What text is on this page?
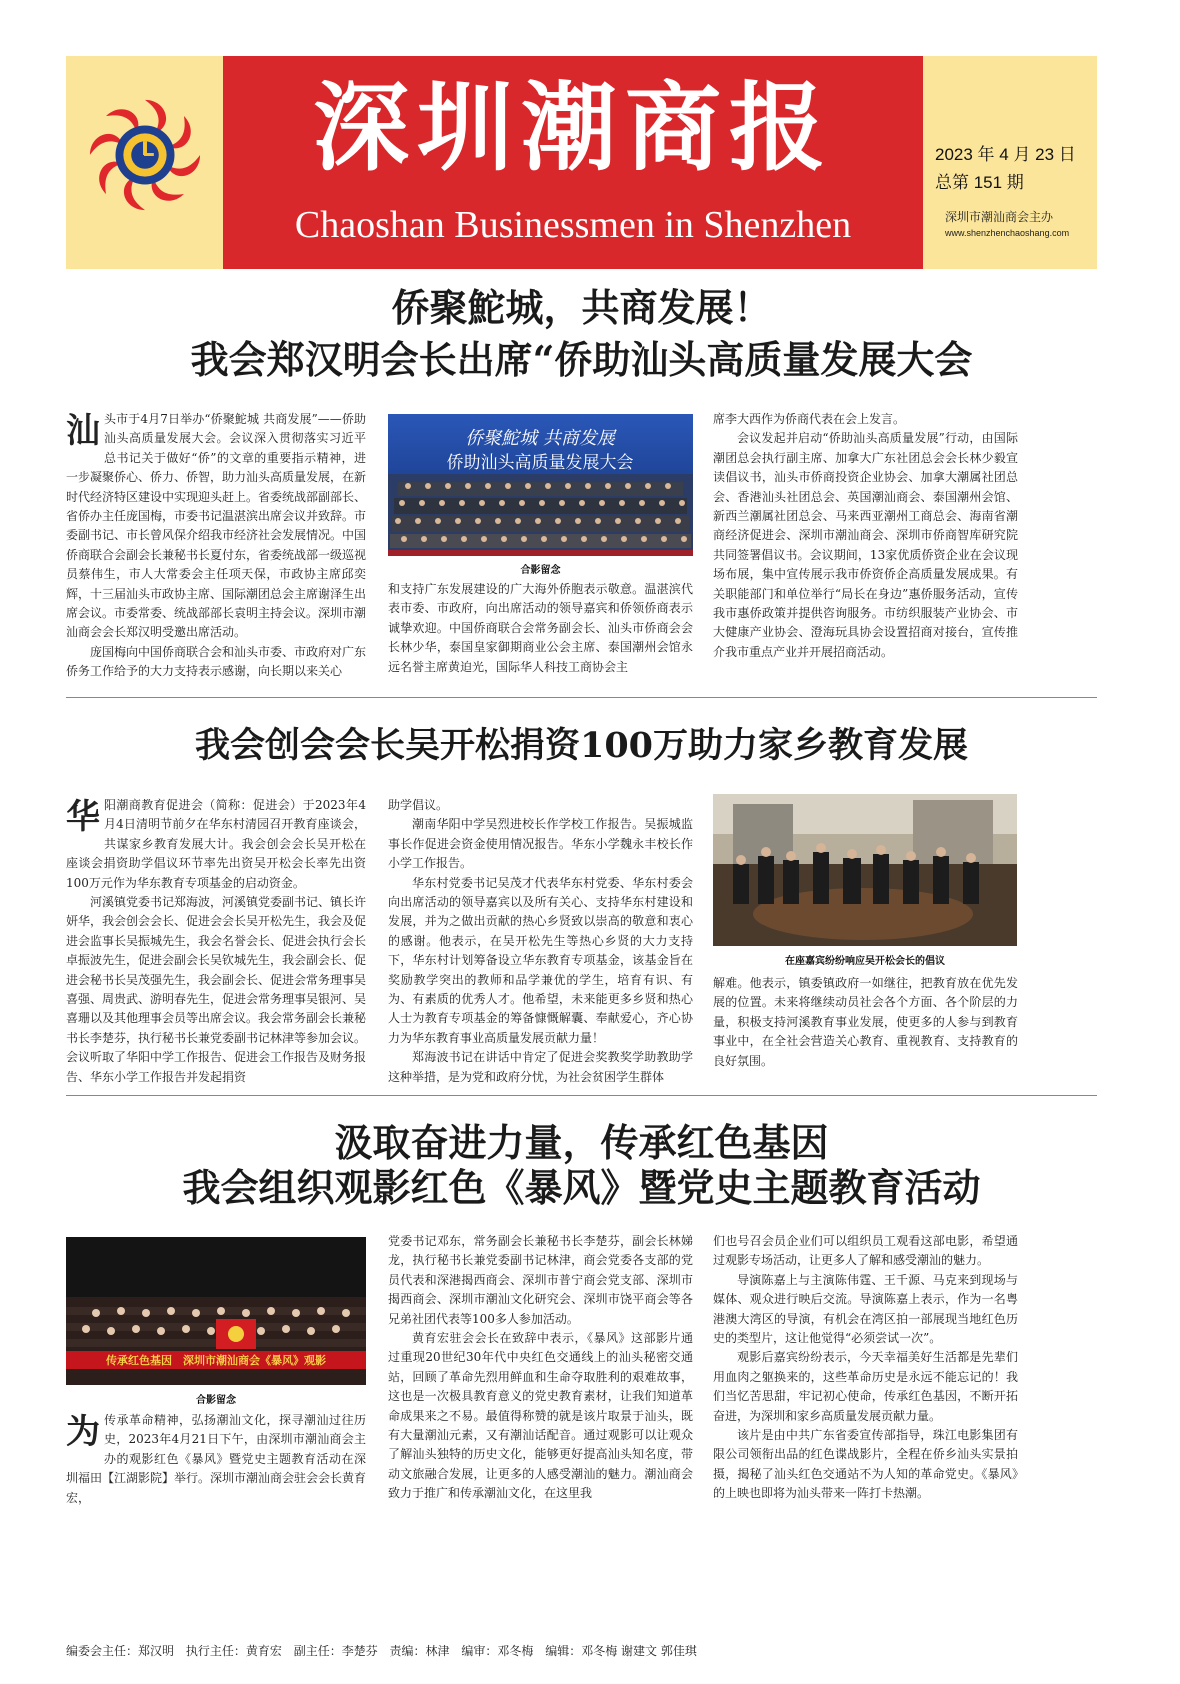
深圳潮商报
Chaoshan Businessmen in Shenzhen
2023 年 4 月 23 日
总第 151 期
深圳市潮汕商会主办
www.shenzhenchaoshang.com
侨聚鮀城，共商发展！
我会郑汉明会长出席“侨助汕头高质量发展大会

汕头市于4月7日举办“侨聚鮀城 共商发展”——侨助汕头高质量发展大会。会议深入贯彻落实习近平总书记关于做好“侨”的文章的重要指示精神，进一步凝聚侨心、侨力、侨智，助力汕头高质量发展，在新时代经济特区建设中实现迎头赶上。省委统战部副部长、省侨办主任庞国梅，市委书记温湛滨出席会议并致辞。市委副书记、市长曾风保介绍我市经济社会发展情况。中国侨商联合会副会长兼秘书长夏付东，省委统战部一级巡视员蔡伟生，市人大常委会主任项天保，市政协主席邱奕辉，十三届汕头市政协主席、国际潮团总会主席谢泽生出席会议。市委常委、统战部部长袁明主持会议。深圳市潮汕商会会长郑汉明受邀出席活动。

庞国梅向中国侨商联合会和汕头市委、市政府对广东侨务工作给予的大力支持表示感谢，向长期以来关心

侨聚鮀城 共商发展
侨助汕头高质量发展大会
合影留念

和支持广东发展建设的广大海外侨胞表示敬意。温湛滨代表市委、市政府，向出席活动的领导嘉宾和侨领侨商表示诚挚欢迎。中国侨商联合会常务副会长、汕头市侨商会会长林少华，泰国皇家御期商业公会主席、泰国潮州会馆永远名誉主席黄迫光，国际华人科技工商协会主

席李大西作为侨商代表在会上发言。

会议发起并启动“侨助汕头高质量发展”行动，由国际潮团总会执行副主席、加拿大广东社团总会会长林少毅宣读倡议书，汕头市侨商投资企业协会、加拿大潮属社团总会、香港汕头社团总会、英国潮汕商会、泰国潮州会馆、新西兰潮属社团总会、马来西亚潮州工商总会、海南省潮商经济促进会、深圳市潮汕商会、深圳市侨商智库研究院共同签署倡议书。会议期间，13家优质侨资企业在会议现场布展，集中宣传展示我市侨资侨企高质量发展成果。有关职能部门和单位举行“局长在身边”惠侨服务活动，宣传我市惠侨政策并提供咨询服务。市纺织服装产业协会、市大健康产业协会、澄海玩具协会设置招商对接台，宣传推介我市重点产业并开展招商活动。

我会创会会长吴开松捐资100万助力家乡教育发展

华阳潮商教育促进会（简称：促进会）于2023年4月4日清明节前夕在华东村清园召开教育座谈会，共谋家乡教育发展大计。我会创会会长吴开松在座谈会捐资助学倡议环节率先出资吴开松会长率先出资100万元作为华东教育专项基金的启动资金。

河溪镇党委书记郑海波，河溪镇党委副书记、镇长许妍华，我会创会会长、促进会会长吴开松先生，我会及促进会监事长吴振城先生，我会名誉会长、促进会执行会长卓振波先生，促进会副会长吴钦城先生，我会副会长、促进会秘书长吴茂强先生，我会副会长、促进会常务理事吴喜强、周贵武、游明春先生，促进会常务理事吴银河、吴喜珊以及其他理事会员等出席会议。我会常务副会长兼秘书长李楚芬，执行秘书长兼党委副书记林津等参加会议。会议听取了华阳中学工作报告、促进会工作报告及财务报告、华东小学工作报告并发起捐资

助学倡议。

潮南华阳中学吴烈进校长作学校工作报告。吴振城监事长作促进会资金使用情况报告。华东小学魏永丰校长作小学工作报告。

华东村党委书记吴茂才代表华东村党委、华东村委会向出席活动的领导嘉宾以及所有关心、支持华东村建设和发展，并为之做出贡献的热心乡贤致以崇高的敬意和衷心的感谢。他表示，在吴开松先生等热心乡贤的大力支持下，华东村计划筹备设立华东教育专项基金，该基金旨在奖励教学突出的教师和品学兼优的学生，培育有识、有为、有素质的优秀人才。他希望，未来能更多乡贤和热心人士为教育专项基金的筹备慷慨解囊、奉献爱心，齐心协力为华东教育事业高质量发展贡献力量！

郑海波书记在讲话中肯定了促进会奖教奖学助教助学这种举措，是为党和政府分忧，为社会贫困学生群体

在座嘉宾纷纷响应吴开松会长的倡议

解难。他表示，镇委镇政府一如继往，把教育放在优先发展的位置。未来将继续动员社会各个方面、各个阶层的力量，积极支持河溪教育事业发展，使更多的人参与到教育事业中，在全社会营造关心教育、重视教育、支持教育的良好氛围。

汲取奋进力量，传承红色基因
我会组织观影红色《暴风》暨党史主题教育活动
传承红色基因　深圳市潮汕商会《暴风》观影
合影留念

为传承革命精神，弘扬潮汕文化，探寻潮汕过往历史，2023年4月21日下午，由深圳市潮汕商会主办的观影红色《暴风》暨党史主题教育活动在深圳福田【江湖影院】举行。深圳市潮汕商会驻会会长黄育宏，

党委书记邓东，常务副会长兼秘书长李楚芬，副会长林娣龙，执行秘书长兼党委副书记林津，商会党委各支部的党员代表和深港揭西商会、深圳市普宁商会党支部、深圳市揭西商会、深圳市潮汕文化研究会、深圳市饶平商会等各兄弟社团代表等100多人参加活动。

黄育宏驻会会长在致辞中表示，《暴风》这部影片通过重现20世纪30年代中央红色交通线上的汕头秘密交通站，回顾了革命先烈用鲜血和生命夺取胜利的艰难故事，这也是一次极具教育意义的党史教育素材，让我们知道革命成果来之不易。最值得称赞的就是该片取景于汕头，既有大量潮汕元素，又有潮汕话配音。通过观影可以让观众了解汕头独特的历史文化，能够更好提高汕头知名度，带动文旅融合发展，让更多的人感受潮汕的魅力。潮汕商会致力于推广和传承潮汕文化，在这里我

们也号召会员企业们可以组织员工观看这部电影，希望通过观影专场活动，让更多人了解和感受潮汕的魅力。

导演陈嘉上与主演陈伟霆、王千源、马克来到现场与媒体、观众进行映后交流。导演陈嘉上表示，作为一名粤港澳大湾区的导演，有机会在湾区拍一部展现当地红色历史的类型片，这让他觉得“必须尝试一次”。

观影后嘉宾纷纷表示，今天幸福美好生活都是先辈们用血肉之躯换来的，这些革命历史是永远不能忘记的！我们当忆苦思甜，牢记初心使命，传承红色基因，不断开拓奋进，为深圳和家乡高质量发展贡献力量。

该片是由中共广东省委宣传部指导，珠江电影集团有限公司领衔出品的红色谍战影片，全程在侨乡汕头实景拍摄，揭秘了汕头红色交通站不为人知的革命党史。《暴风》的上映也即将为汕头带来一阵打卡热潮。

编委会主任：郑汉明 执行主任：黄育宏 副主任：李楚芬 责编：林津 编审：邓冬梅 编辑：邓冬梅 谢建文 郭佳琪
